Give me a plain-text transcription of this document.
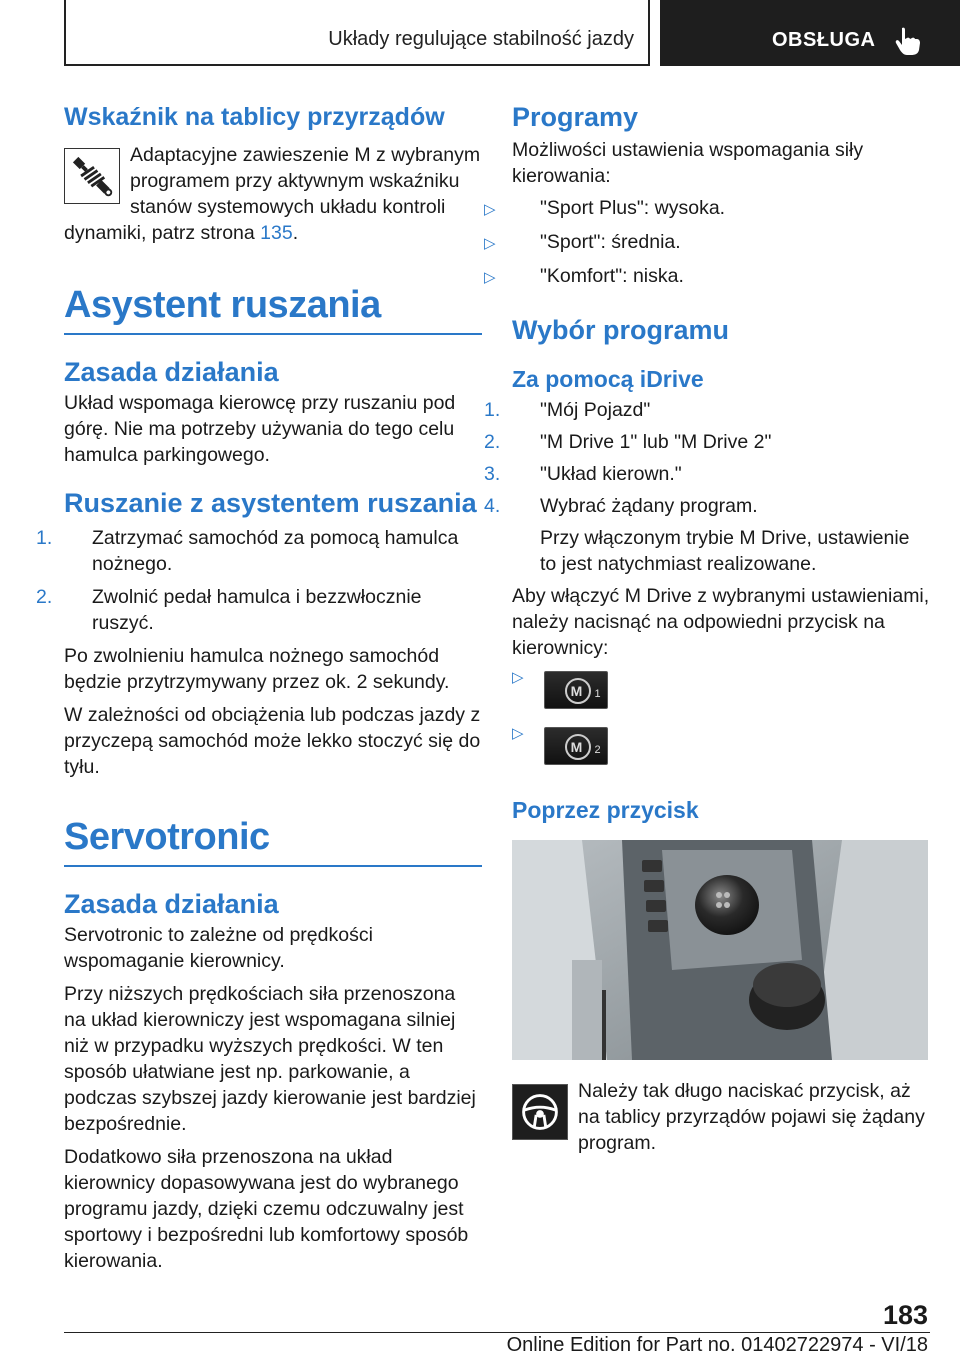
Układy regulujące stabilność jazdy	OBSŁUGA
Wskaźnik na tablicy przyrządów

Adaptacyjne zawieszenie M z wybranym programem przy aktywnym wskaźniku stanów systemowych układu kontroli dynamiki, patrz strona 135.

Asystent ruszania
Zasada działania

Układ wspomaga kierowcę przy ruszaniu pod górę. Nie ma potrzeby używania do tego celu hamulca parkingowego.

Ruszanie z asystentem ruszania
1. Zatrzymać samochód za pomocą hamulca nożnego.
2. Zwolnić pedał hamulca i bezzwłocznie ruszyć.

Po zwolnieniu hamulca nożnego samochód będzie przytrzymywany przez ok. 2 sekundy.

W zależności od obciążenia lub podczas jazdy z przyczepą samochód może lekko stoczyć się do tyłu.

Servotronic
Zasada działania

Servotronic to zależne od prędkości wspomaganie kierownicy.

Przy niższych prędkościach siła przenoszona na układ kierowniczy jest wspomagana silniej niż w przypadku wyższych prędkości. W ten sposób ułatwiane jest np. parkowanie, a podczas szybszej jazdy kierowanie jest bardziej bezpośrednie.

Dodatkowo siła przenoszona na układ kierownicy dopasowywana jest do wybranego programu jazdy, dzięki czemu odczuwalny jest sportowy i bezpośredni lub komfortowy sposób kierowania.

Programy

Możliwości ustawienia wspomagania siły kierowania:

▷ "Sport Plus": wysoka.
▷ "Sport": średnia.
▷ "Komfort": niska.
Wybór programu
Za pomocą iDrive
1. "Mój Pojazd"
2. "M Drive 1" lub "M Drive 2"
3. "Układ kierown."
4. Wybrać żądany program.

Przy włączonym trybie M Drive, ustawienie to jest natychmiast realizowane.

Aby włączyć M Drive z wybranymi ustawieniami, należy nacisnąć na odpowiedni przycisk na kierownicy:

▷
M	1
▷
M	2
Poprzez przycisk

Należy tak długo naciskać przycisk, aż na tablicy przyrządów pojawi się żądany program.

183
Online Edition for Part no. 01402722974 - VI/18
